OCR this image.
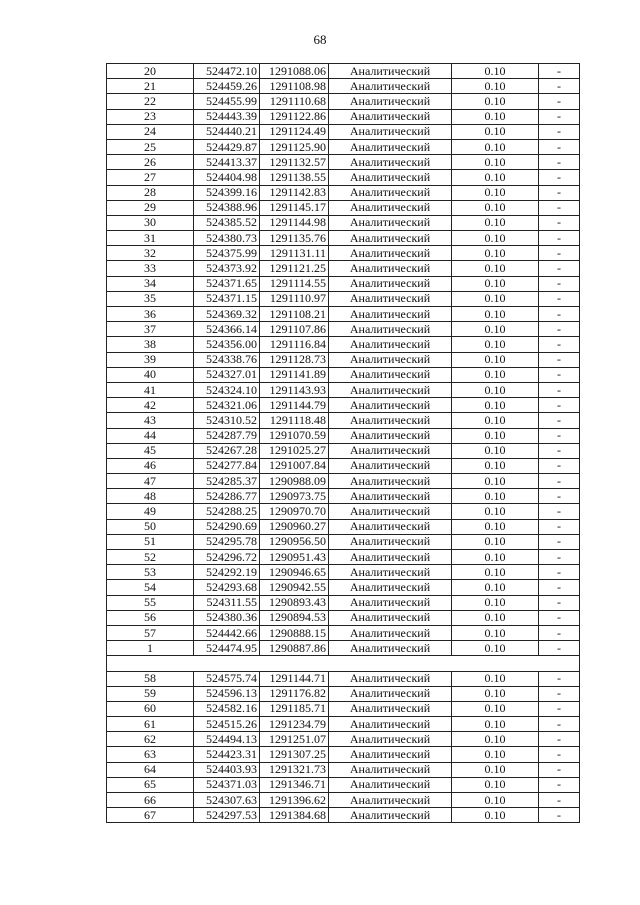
68
20	524472.10	1291088.06	Аналитический	0.10	-
21	524459.26	1291108.98	Аналитический	0.10	-
22	524455.99	1291110.68	Аналитический	0.10	-
23	524443.39	1291122.86	Аналитический	0.10	-
24	524440.21	1291124.49	Аналитический	0.10	-
25	524429.87	1291125.90	Аналитический	0.10	-
26	524413.37	1291132.57	Аналитический	0.10	-
27	524404.98	1291138.55	Аналитический	0.10	-
28	524399.16	1291142.83	Аналитический	0.10	-
29	524388.96	1291145.17	Аналитический	0.10	-
30	524385.52	1291144.98	Аналитический	0.10	-
31	524380.73	1291135.76	Аналитический	0.10	-
32	524375.99	1291131.11	Аналитический	0.10	-
33	524373.92	1291121.25	Аналитический	0.10	-
34	524371.65	1291114.55	Аналитический	0.10	-
35	524371.15	1291110.97	Аналитический	0.10	-
36	524369.32	1291108.21	Аналитический	0.10	-
37	524366.14	1291107.86	Аналитический	0.10	-
38	524356.00	1291116.84	Аналитический	0.10	-
39	524338.76	1291128.73	Аналитический	0.10	-
40	524327.01	1291141.89	Аналитический	0.10	-
41	524324.10	1291143.93	Аналитический	0.10	-
42	524321.06	1291144.79	Аналитический	0.10	-
43	524310.52	1291118.48	Аналитический	0.10	-
44	524287.79	1291070.59	Аналитический	0.10	-
45	524267.28	1291025.27	Аналитический	0.10	-
46	524277.84	1291007.84	Аналитический	0.10	-
47	524285.37	1290988.09	Аналитический	0.10	-
48	524286.77	1290973.75	Аналитический	0.10	-
49	524288.25	1290970.70	Аналитический	0.10	-
50	524290.69	1290960.27	Аналитический	0.10	-
51	524295.78	1290956.50	Аналитический	0.10	-
52	524296.72	1290951.43	Аналитический	0.10	-
53	524292.19	1290946.65	Аналитический	0.10	-
54	524293.68	1290942.55	Аналитический	0.10	-
55	524311.55	1290893.43	Аналитический	0.10	-
56	524380.36	1290894.53	Аналитический	0.10	-
57	524442.66	1290888.15	Аналитический	0.10	-
1	524474.95	1290887.86	Аналитический	0.10	-

58	524575.74	1291144.71	Аналитический	0.10	-
59	524596.13	1291176.82	Аналитический	0.10	-
60	524582.16	1291185.71	Аналитический	0.10	-
61	524515.26	1291234.79	Аналитический	0.10	-
62	524494.13	1291251.07	Аналитический	0.10	-
63	524423.31	1291307.25	Аналитический	0.10	-
64	524403.93	1291321.73	Аналитический	0.10	-
65	524371.03	1291346.71	Аналитический	0.10	-
66	524307.63	1291396.62	Аналитический	0.10	-
67	524297.53	1291384.68	Аналитический	0.10	-
